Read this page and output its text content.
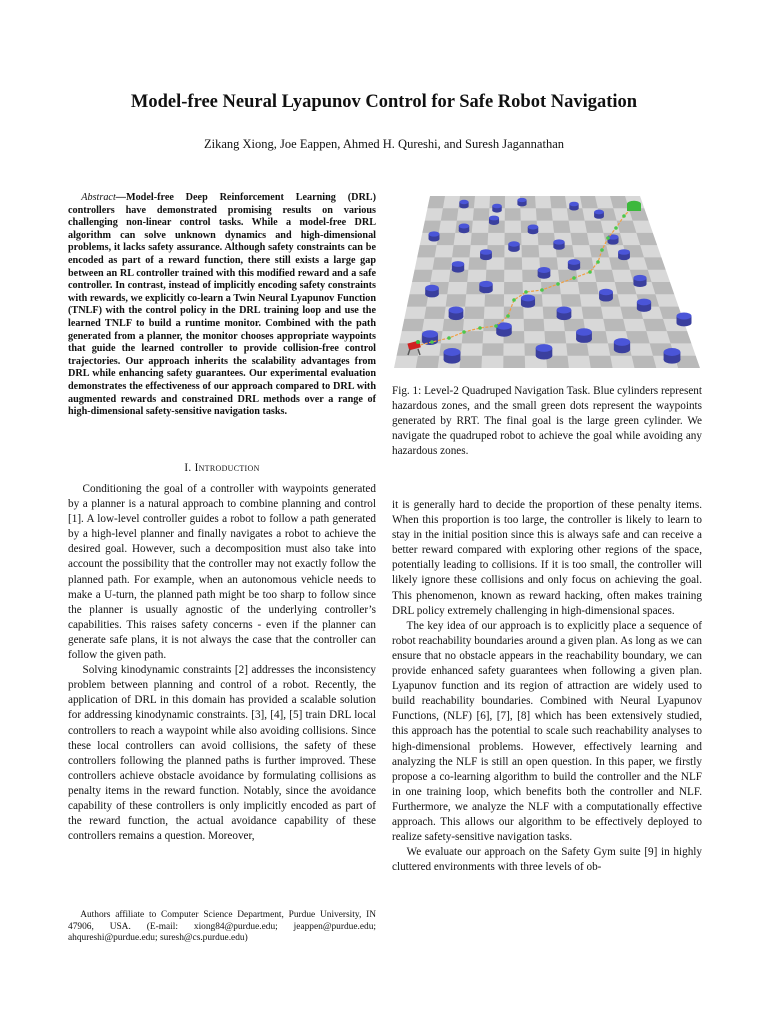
Model-free Neural Lyapunov Control for Safe Robot Navigation

Zikang Xiong, Joe Eappen, Ahmed H. Qureshi, and Suresh Jagannathan

Abstract—Model-free Deep Reinforcement Learning (DRL) controllers have demonstrated promising results on various challenging non-linear control tasks. While a model-free DRL algorithm can solve unknown dynamics and high-dimensional problems, it lacks safety assurance. Although safety constraints can be encoded as part of a reward function, there still exists a large gap between an RL controller trained with this modified reward and a safe controller. In contrast, instead of implicitly encoding safety constraints with rewards, we explicitly co-learn a Twin Neural Lyapunov Function (TNLF) with the control policy in the DRL training loop and use the learned TNLF to build a runtime monitor. Combined with the path generated from a planner, the monitor chooses appropriate waypoints that guide the learned controller to provide collision-free control trajectories. Our approach inherits the scalability advantages from DRL while enhancing safety guarantees. Our experimental evaluation demonstrates the effectiveness of our approach compared to DRL with augmented rewards and constrained DRL methods over a range of high-dimensional safety-sensitive navigation tasks.

I. Introduction

Conditioning the goal of a controller with waypoints generated by a planner is a natural approach to combine planning and control [1]. A low-level controller guides a robot to follow a path generated by a high-level planner and finally navigates a robot to achieve the desired goal. However, such a decomposition must also take into account the possibility that the controller may not exactly follow the planned path. For example, when an autonomous vehicle needs to make a U-turn, the planned path might be too sharp to follow since the planner is usually agnostic of the underlying controller’s capabilities. This raises safety concerns - even if the planner can generate safe plans, it is not always the case that the controller can follow the given path.

Solving kinodynamic constraints [2] addresses the inconsistency problem between planning and control of a robot. Recently, the application of DRL in this domain has provided a scalable solution for addressing kinodynamic constraints. [3], [4], [5] train DRL local controllers to reach a waypoint while also avoiding collisions. Since these local controllers can avoid collisions, the safety of these controllers following the planned paths is further improved. These controllers achieve obstacle avoidance by formulating collisions as penalty items in the reward function. Notably, since the avoidance capability of these controllers is only implicitly encoded as part of the reward function, the actual avoidance capability of these controllers remains a question. Moreover,

Authors affiliate to Computer Science Department, Purdue University, IN 47906, USA. (E-mail: xiong84@purdue.edu; jeappen@purdue.edu; ahqureshi@purdue.edu; suresh@cs.purdue.edu)

Fig. 1: Level-2 Quadruped Navigation Task. Blue cylinders represent hazardous zones, and the small green dots represent the waypoints generated by RRT. The final goal is the large green cylinder. We navigate the quadruped robot to achieve the goal while avoiding any hazardous zones.

it is generally hard to decide the proportion of these penalty items. When this proportion is too large, the controller is likely to learn to stay in the initial position since this is always safe and can receive a better reward compared with exploring other regions of the space, potentially leading to collisions. If it is too small, the controller will likely ignore these collisions and only focus on achieving the goal. This phenomenon, known as reward hacking, often makes training DRL policy extremely challenging in high-dimensional spaces.

The key idea of our approach is to explicitly place a sequence of robot reachability boundaries around a given plan. As long as we can ensure that no obstacle appears in the reachability boundary, we can provide enhanced safety guarantees when following a given plan. Lyapunov function and its region of attraction are widely used to build reachability boundaries. Combined with Neural Lyapunov Functions, (NLF) [6], [7], [8] which has been extensively studied, this approach has the potential to scale such reachability analyses to high-dimensional problems. However, effectively learning and analyzing the NLF is still an open question. In this paper, we firstly propose a co-learning algorithm to build the controller and the NLF in one training loop, which benefits both the controller and NLF. Furthermore, we analyze the NLF with a computationally effective approach. This allows our algorithm to be effectively deployed to realize safety-sensitive navigation tasks.

We evaluate our approach on the Safety Gym suite [9] in highly cluttered environments with three levels of ob-
